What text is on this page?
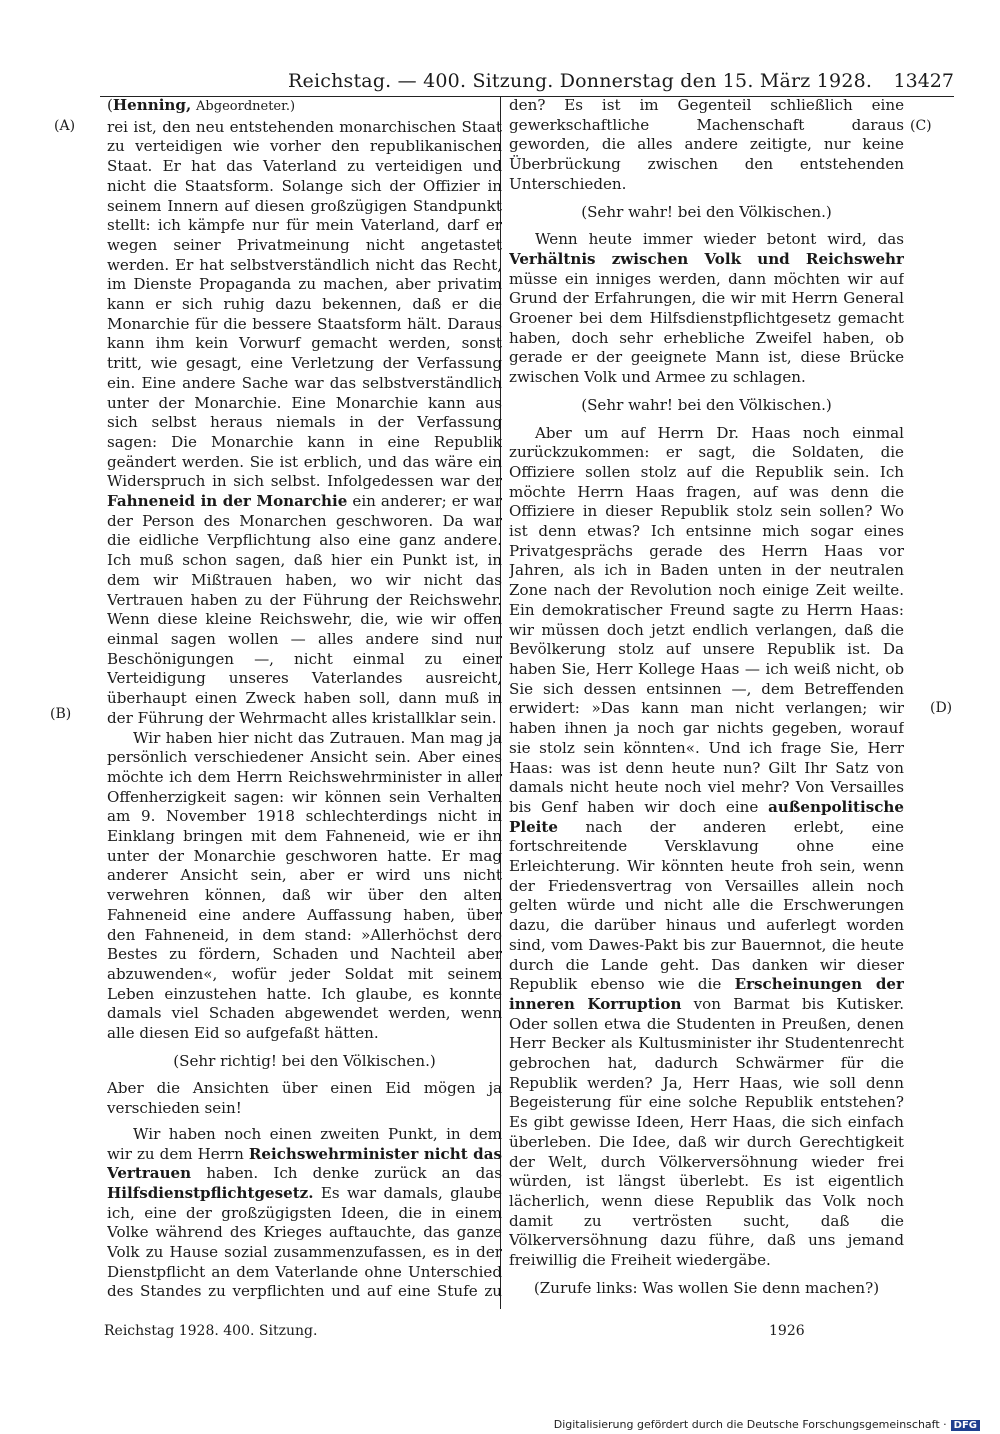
Reichstag. — 400. Sitzung. Donnerstag den 15. März 1928. 13427
(A)
(B)
(C)
(D)

(Henning, Abgeordneter.)

rei ist, den neu entstehenden monarchischen Staat zu verteidigen wie vorher den republikanischen Staat. Er hat das Vaterland zu verteidigen und nicht die Staatsform. Solange sich der Offizier in seinem Innern auf diesen großzügigen Standpunkt stellt: ich kämpfe nur für mein Vaterland, darf er wegen seiner Privatmeinung nicht angetastet werden. Er hat selbstverständlich nicht das Recht, im Dienste Propaganda zu machen, aber privatim kann er sich ruhig dazu bekennen, daß er die Monarchie für die bessere Staatsform hält. Daraus kann ihm kein Vorwurf gemacht werden, sonst tritt, wie gesagt, eine Verletzung der Verfassung ein. Eine andere Sache war das selbstverständlich unter der Monarchie. Eine Monarchie kann aus sich selbst heraus niemals in der Verfassung sagen: Die Monarchie kann in eine Republik geändert werden. Sie ist erblich, und das wäre ein Widerspruch in sich selbst. Infolgedessen war der Fahneneid in der Monarchie ein anderer; er war der Person des Monarchen geschworen. Da war die eidliche Verpflichtung also eine ganz andere. Ich muß schon sagen, daß hier ein Punkt ist, in dem wir Mißtrauen haben, wo wir nicht das Vertrauen haben zu der Führung der Reichswehr. Wenn diese kleine Reichswehr, die, wie wir offen einmal sagen wollen — alles andere sind nur Beschönigungen —, nicht einmal zu einer Verteidigung unseres Vaterlandes ausreicht, überhaupt einen Zweck haben soll, dann muß in der Führung der Wehrmacht alles kristallklar sein.

Wir haben hier nicht das Zutrauen. Man mag ja persönlich verschiedener Ansicht sein. Aber eines möchte ich dem Herrn Reichswehrminister in aller Offenherzigkeit sagen: wir können sein Verhalten am 9. November 1918 schlechterdings nicht in Einklang bringen mit dem Fahneneid, wie er ihn unter der Monarchie geschworen hatte. Er mag anderer Ansicht sein, aber er wird uns nicht verwehren können, daß wir über den alten Fahneneid eine andere Auffassung haben, über den Fahneneid, in dem stand: »Allerhöchst dero Bestes zu fördern, Schaden und Nachteil aber abzuwenden«, wofür jeder Soldat mit seinem Leben einzustehen hatte. Ich glaube, es konnte damals viel Schaden abgewendet werden, wenn alle diesen Eid so aufgefaßt hätten.

(Sehr richtig! bei den Völkischen.)

Aber die Ansichten über einen Eid mögen ja verschieden sein!

Wir haben noch einen zweiten Punkt, in dem wir zu dem Herrn Reichswehrminister nicht das Vertrauen haben. Ich denke zurück an das Hilfsdienstpflichtgesetz. Es war damals, glaube ich, eine der großzügigsten Ideen, die in einem Volke während des Krieges auftauchte, das ganze Volk zu Hause sozial zusammenzufassen, es in der Dienstpflicht an dem Vaterlande ohne Unterschied des Standes zu verpflichten und auf eine Stufe zu

den? Es ist im Gegenteil schließlich eine gewerkschaftliche Machenschaft daraus geworden, die alles andere zeitigte, nur keine Überbrückung zwischen den entstehenden Unterschieden.

(Sehr wahr! bei den Völkischen.)

Wenn heute immer wieder betont wird, das Verhältnis zwischen Volk und Reichswehr müsse ein inniges werden, dann möchten wir auf Grund der Erfahrungen, die wir mit Herrn General Groener bei dem Hilfsdienstpflichtgesetz gemacht haben, doch sehr erhebliche Zweifel haben, ob gerade er der geeignete Mann ist, diese Brücke zwischen Volk und Armee zu schlagen.

(Sehr wahr! bei den Völkischen.)

Aber um auf Herrn Dr. Haas noch einmal zurückzukommen: er sagt, die Soldaten, die Offiziere sollen stolz auf die Republik sein. Ich möchte Herrn Haas fragen, auf was denn die Offiziere in dieser Republik stolz sein sollen? Wo ist denn etwas? Ich entsinne mich sogar eines Privatgesprächs gerade des Herrn Haas vor Jahren, als ich in Baden unten in der neutralen Zone nach der Revolution noch einige Zeit weilte. Ein demokratischer Freund sagte zu Herrn Haas: wir müssen doch jetzt endlich verlangen, daß die Bevölkerung stolz auf unsere Republik ist. Da haben Sie, Herr Kollege Haas — ich weiß nicht, ob Sie sich dessen entsinnen —, dem Betreffenden erwidert: »Das kann man nicht verlangen; wir haben ihnen ja noch gar nichts gegeben, worauf sie stolz sein könnten«. Und ich frage Sie, Herr Haas: was ist denn heute nun? Gilt Ihr Satz von damals nicht heute noch viel mehr? Von Versailles bis Genf haben wir doch eine außenpolitische Pleite nach der anderen erlebt, eine fortschreitende Versklavung ohne eine Erleichterung. Wir könnten heute froh sein, wenn der Friedensvertrag von Versailles allein noch gelten würde und nicht alle die Erschwerungen dazu, die darüber hinaus und auferlegt worden sind, vom Dawes-Pakt bis zur Bauernnot, die heute durch die Lande geht. Das danken wir dieser Republik ebenso wie die Erscheinungen der inneren Korruption von Barmat bis Kutisker. Oder sollen etwa die Studenten in Preußen, denen Herr Becker als Kultusminister ihr Studentenrecht gebrochen hat, dadurch Schwärmer für die Republik werden? Ja, Herr Haas, wie soll denn Begeisterung für eine solche Republik entstehen? Es gibt gewisse Ideen, Herr Haas, die sich einfach überleben. Die Idee, daß wir durch Gerechtigkeit der Welt, durch Völkerversöhnung wieder frei würden, ist längst überlebt. Es ist eigentlich lächerlich, wenn diese Republik das Volk noch damit zu vertrösten sucht, daß die Völkerversöhnung dazu führe, daß uns jemand freiwillig die Freiheit wiedergäbe.

(Zurufe links: Was wollen Sie denn machen?)

Reichstag 1928. 400. Sitzung.	1926
Digitalisierung gefördert durch die Deutsche Forschungsgemeinschaft · DFG
